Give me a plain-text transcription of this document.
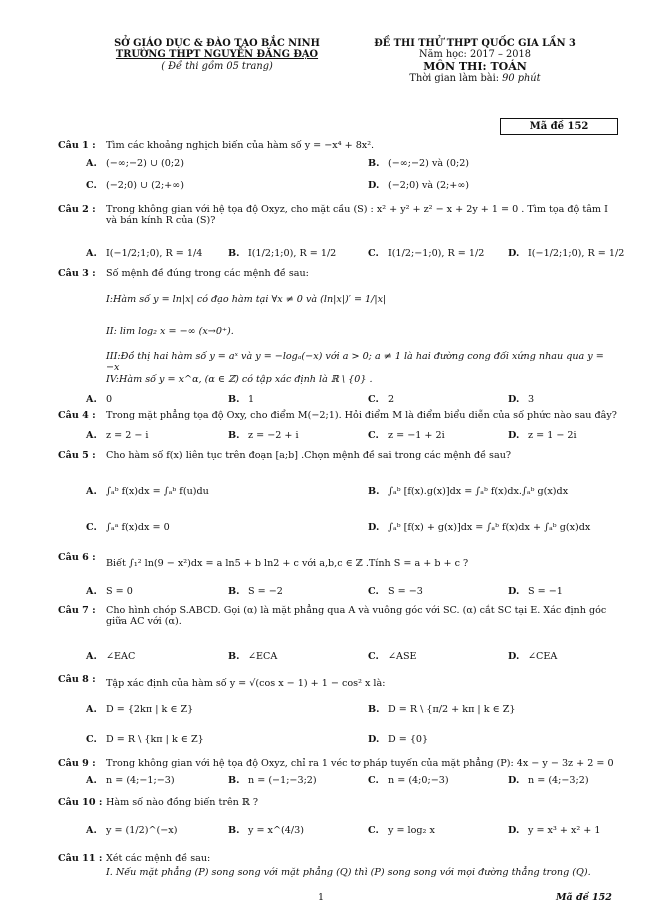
SỞ GIÁO DỤC & ĐÀO TẠO BẮC NINH
TRƯỜNG THPT NGUYỄN ĐĂNG ĐẠO
( Đề thi gồm 05 trang)
ĐỀ THI THỬ THPT QUỐC GIA LẦN 3
Năm học: 2017 – 2018
MÔN THI: TOÁN
Thời gian làm bài: 90 phút
Mã đề 152
Câu 1 : Tìm các khoảng nghịch biến của hàm số y = −x⁴ + 8x².
A. (−∞;−2) ∪ (0;2)	B. (−∞;−2) và (0;2)
C. (−2;0) ∪ (2;+∞)	D. (−2;0) và (2;+∞)
Câu 2 : Trong không gian với hệ tọa độ Oxyz, cho mặt cầu (S) : x² + y² + z² − x + 2y + 1 = 0 . Tìm tọa độ tâm I và bán kính R của (S)?
A. I(−1/2;1;0), R = 1/4	B. I(1/2;1;0), R = 1/2	C. I(1/2;−1;0), R = 1/2 D. I(−1/2;1;0), R = 1/2
Câu 3 : Số mệnh đề đúng trong các mệnh đề sau:
I:Hàm số y = ln|x| có đạo hàm tại ∀x ≠ 0 và (ln|x|)′ = 1/|x|
II: lim log₂ x = −∞ (x→0⁺).
III:Đồ thị hai hàm số y = aˣ và y = −logₐ(−x) với a > 0; a ≠ 1 là hai đường cong đối xứng nhau qua y = −x
IV:Hàm số y = x^α, (α ∈ ℤ) có tập xác định là ℝ \ {0} .
A. 0	B. 1	C. 2	D. 3
Câu 4 : Trong mặt phẳng tọa độ Oxy, cho điểm M(−2;1). Hỏi điểm M là điểm biểu diễn của số phức nào sau đây?
A. z = 2 − i	B. z = −2 + i	C. z = −1 + 2i	D. z = 1 − 2i
Câu 5 : Cho hàm số f(x) liên tục trên đoạn [a;b] .Chọn mệnh đề sai trong các mệnh đề sau?
A. ∫ₐᵇ f(x)dx = ∫ₐᵇ f(u)du	B. ∫ₐᵇ [f(x).g(x)]dx = ∫ₐᵇ f(x)dx.∫ₐᵇ g(x)dx
C. ∫ₐᵃ f(x)dx = 0	D. ∫ₐᵇ [f(x) + g(x)]dx = ∫ₐᵇ f(x)dx + ∫ₐᵇ g(x)dx
Câu 6 :
Biết ∫₁² ln(9 − x²)dx = a ln5 + b ln2 + c với a,b,c ∈ ℤ .Tính S = a + b + c ?
A. S = 0	B. S = −2	C. S = −3	D. S = −1
Câu 7 : Cho hình chóp S.ABCD. Gọi (α) là mặt phẳng qua A và vuông góc với SC. (α) cắt SC tại E. Xác định góc giữa AC với (α).
A. ∠EAC	B. ∠ECA	C. ∠ASE	D. ∠CEA
Câu 8 : Tập xác định của hàm số y = √(cos x − 1) + 1 − cos² x là:
A. D = {2kπ | k ∈ Z}	B. D = R \ {π/2 + kπ | k ∈ Z}
C. D = R \ {kπ | k ∈ Z}	D. D = {0}
Câu 9 : Trong không gian với hệ tọa độ Oxyz, chỉ ra 1 véc tơ pháp tuyến của mặt phẳng (P): 4x − y − 3z + 2 = 0
A. n = (4;−1;−3)	B. n = (−1;−3;2)	C. n = (4;0;−3)	D. n = (4;−3;2)
Câu 10 : Hàm số nào đồng biến trên ℝ ?
A. y = (1/2)^(−x)	B. y = x^(4/3)	C. y = log₂ x	D. y = x³ + x² + 1
Câu 11 : Xét các mệnh đề sau:
I. Nếu mặt phẳng (P) song song với mặt phẳng (Q) thì (P) song song với mọi đường thẳng trong (Q).
1	Mã đề 152
